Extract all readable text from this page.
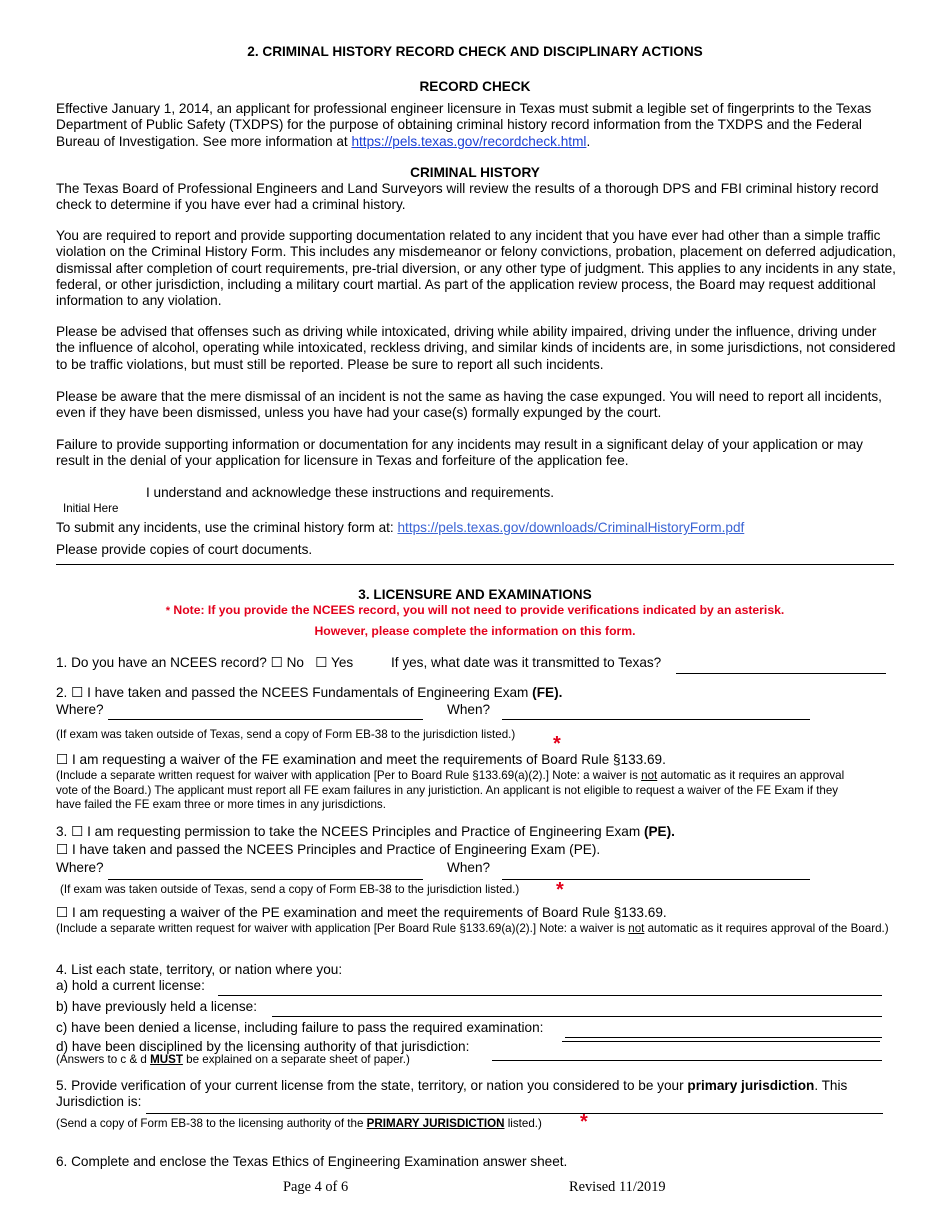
2. CRIMINAL HISTORY RECORD CHECK AND DISCIPLINARY ACTIONS
RECORD CHECK
Effective January 1, 2014, an applicant for professional engineer licensure in Texas must submit a legible set of fingerprints to the Texas Department of Public Safety (TXDPS) for the purpose of obtaining criminal history record information from the TXDPS and the Federal Bureau of Investigation. See more information at https://pels.texas.gov/recordcheck.html.
CRIMINAL HISTORY
The Texas Board of Professional Engineers and Land Surveyors will review the results of a thorough DPS and FBI criminal history record check to determine if you have ever had a criminal history.
You are required to report and provide supporting documentation related to any incident that you have ever had other than a simple traffic violation on the Criminal History Form. This includes any misdemeanor or felony convictions, probation, placement on deferred adjudication, dismissal after completion of court requirements, pre-trial diversion, or any other type of judgment. This applies to any incidents in any state, federal, or other jurisdiction, including a military court martial. As part of the application review process, the Board may request additional information to any violation.
Please be advised that offenses such as driving while intoxicated, driving while ability impaired, driving under the influence, driving under the influence of alcohol, operating while intoxicated, reckless driving, and similar kinds of incidents are, in some jurisdictions, not considered to be traffic violations, but must still be reported. Please be sure to report all such incidents.
Please be aware that the mere dismissal of an incident is not the same as having the case expunged. You will need to report all incidents, even if they have been dismissed, unless you have had your case(s) formally expunged by the court.
Failure to provide supporting information or documentation for any incidents may result in a significant delay of your application or may result in the denial of your application for licensure in Texas and forfeiture of the application fee.
I understand and acknowledge these instructions and requirements.
Initial Here
To submit any incidents, use the criminal history form at: https://pels.texas.gov/downloads/CriminalHistoryForm.pdf
Please provide copies of court documents.
3. LICENSURE AND EXAMINATIONS
* Note: If you provide the NCEES record, you will not need to provide verifications indicated by an asterisk.
However, please complete the information on this form.
1. Do you have an NCEES record? ☐ No ☐ Yes	If yes, what date was it transmitted to Texas?
2. ☐ I have taken and passed the NCEES Fundamentals of Engineering Exam (FE).
Where?	When?
(If exam was taken outside of Texas, send a copy of Form EB-38 to the jurisdiction listed.) *
☐ I am requesting a waiver of the FE examination and meet the requirements of Board Rule §133.69.
(Include a separate written request for waiver with application [Per to Board Rule §133.69(a)(2).] Note: a waiver is not automatic as it requires an approval vote of the Board.) The applicant must report all FE exam failures in any juristiction. An applicant is not eligible to request a waiver of the FE Exam if they have failed the FE exam three or more times in any jurisdictions.
3. ☐ I am requesting permission to take the NCEES Principles and Practice of Engineering Exam (PE).
☐ I have taken and passed the NCEES Principles and Practice of Engineering Exam (PE).
Where?	When?
(If exam was taken outside of Texas, send a copy of Form EB-38 to the jurisdiction listed.) *
☐ I am requesting a waiver of the PE examination and meet the requirements of Board Rule §133.69.
(Include a separate written request for waiver with application [Per Board Rule §133.69(a)(2).] Note: a waiver is not automatic as it requires approval of the Board.)
4. List each state, territory, or nation where you:
a) hold a current license:
b) have previously held a license:
c) have been denied a license, including failure to pass the required examination:
d) have been disciplined by the licensing authority of that jurisdiction:
(Answers to c & d MUST be explained on a separate sheet of paper.)
5. Provide verification of your current license from the state, territory, or nation you considered to be your primary jurisdiction. This Jurisdiction is:
(Send a copy of Form EB-38 to the licensing authority of the PRIMARY JURISDICTION listed.) *
6. Complete and enclose the Texas Ethics of Engineering Examination answer sheet.
Page 4 of 6	Revised 11/2019
